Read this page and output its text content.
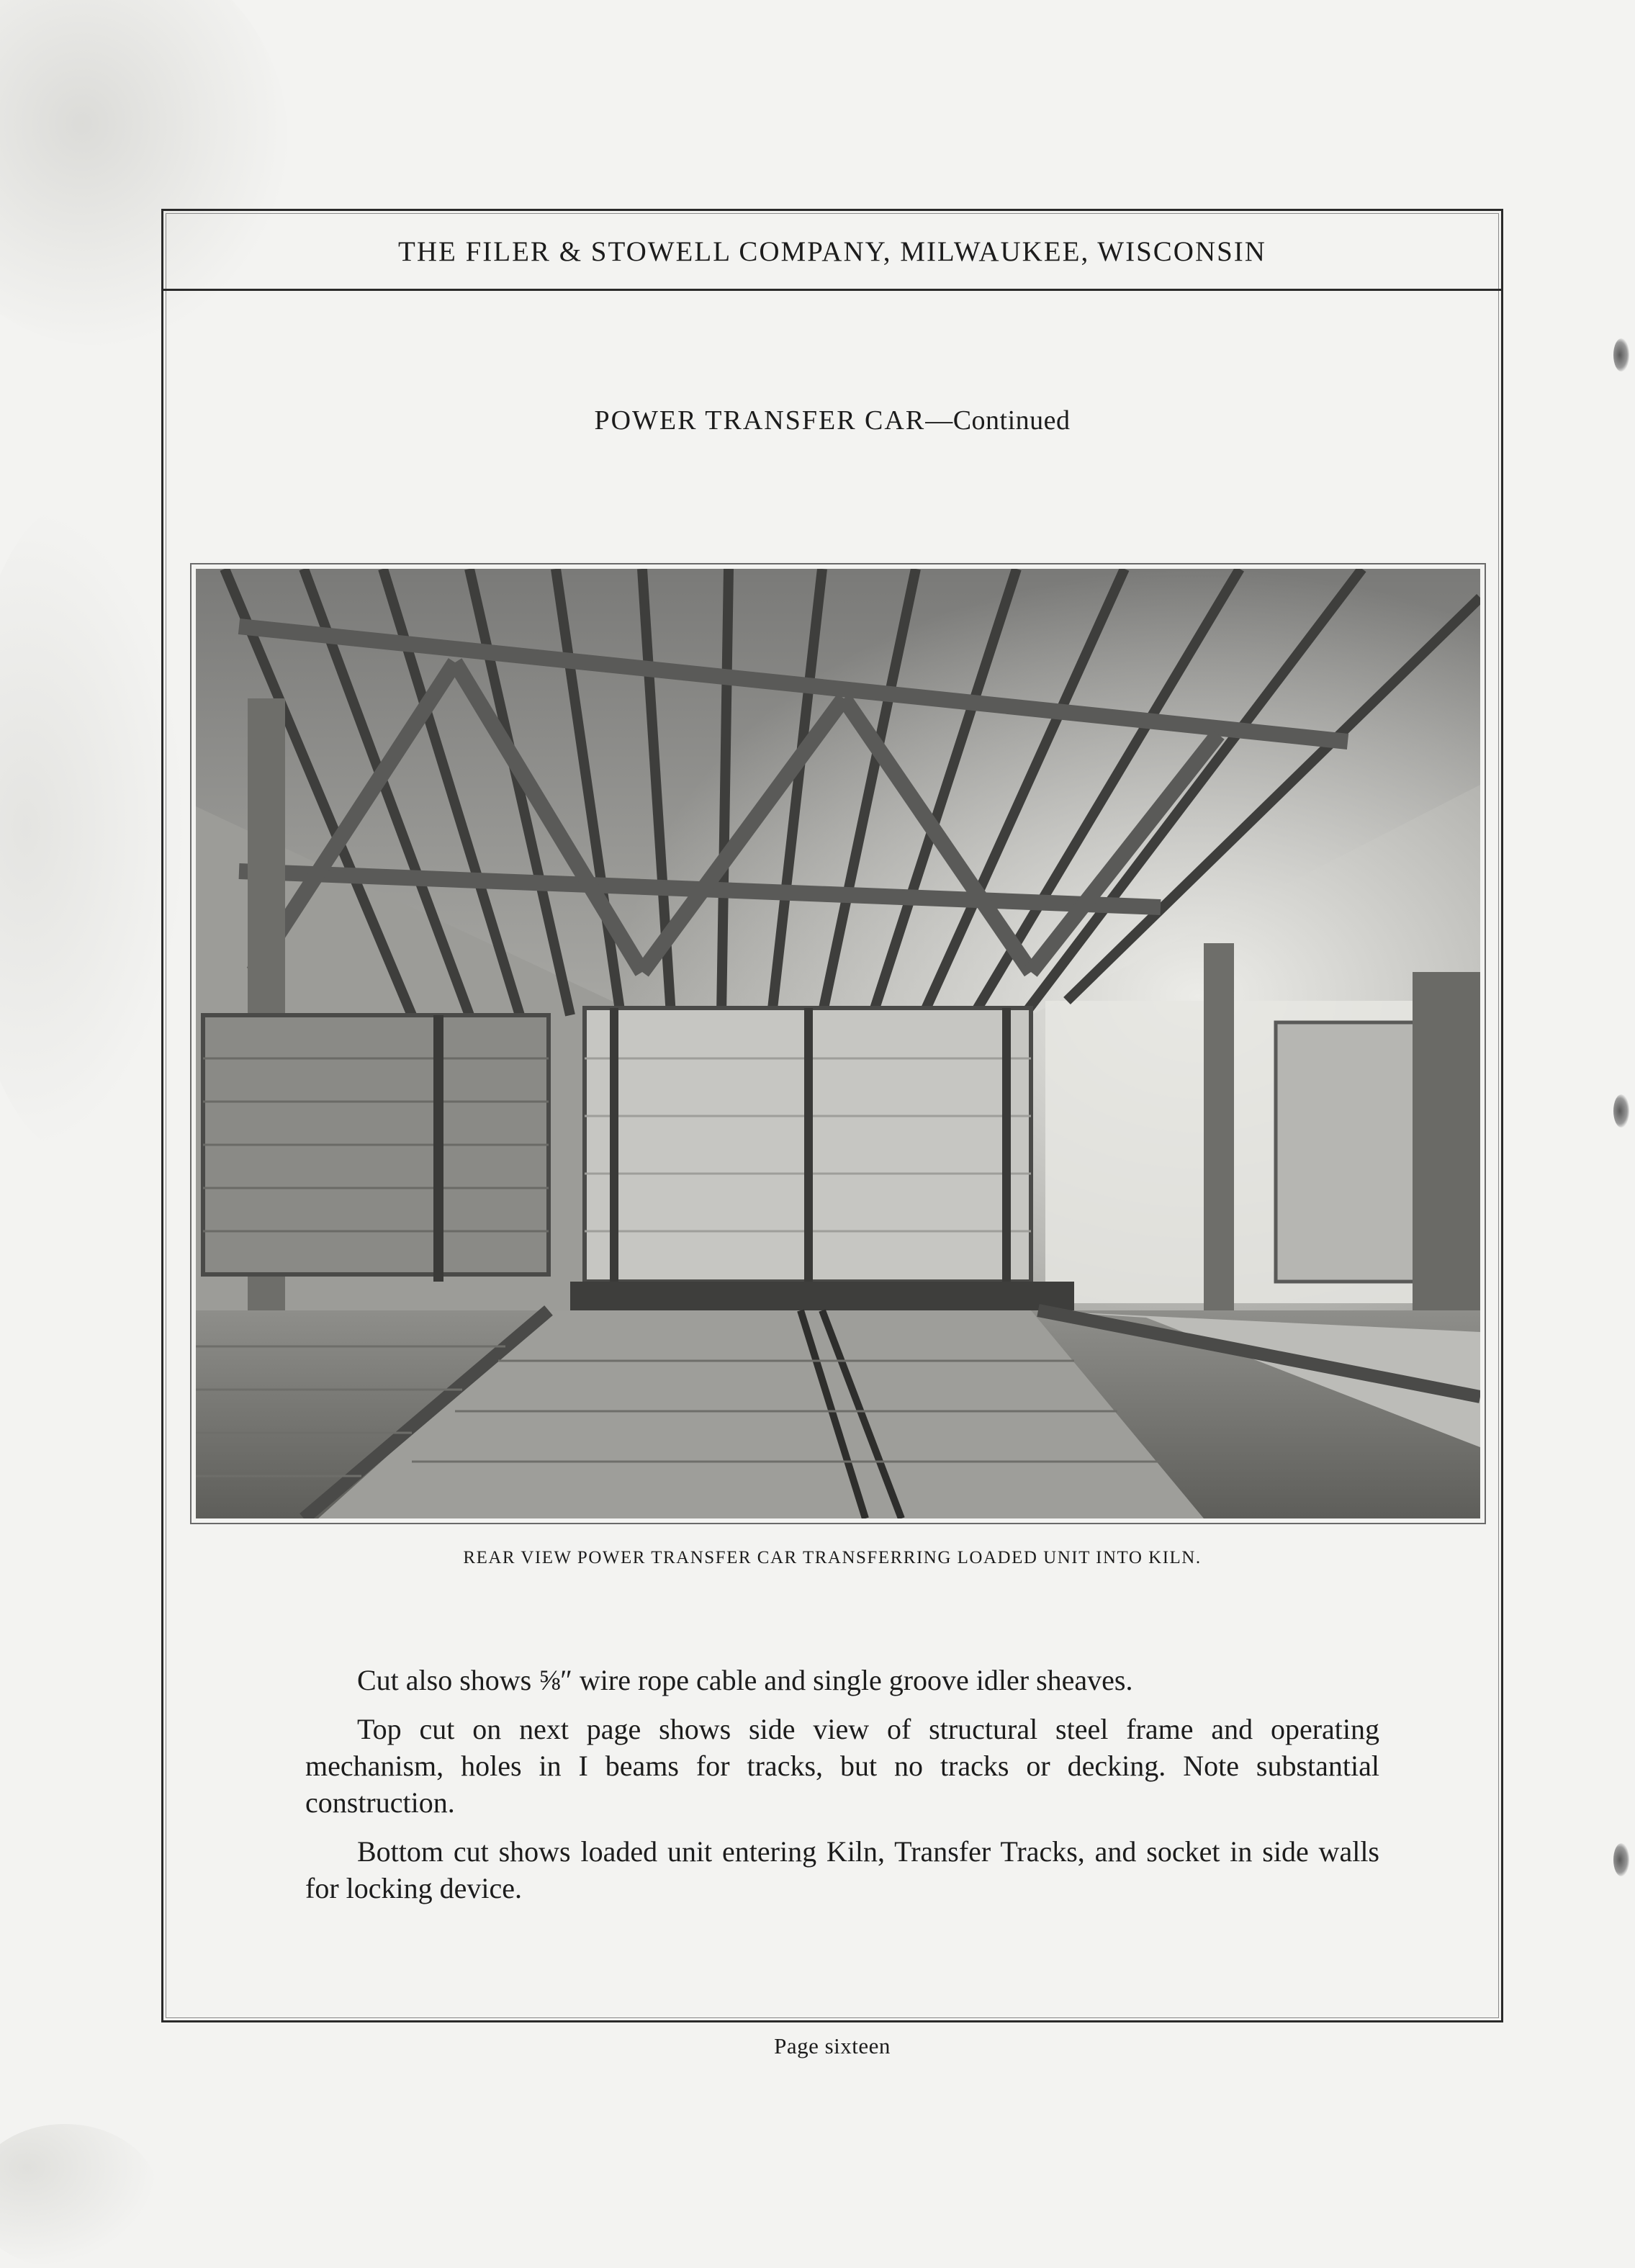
THE FILER & STOWELL COMPANY, MILWAUKEE, WISCONSIN
POWER TRANSFER CAR—Continued
REAR VIEW POWER TRANSFER CAR TRANSFERRING LOADED UNIT INTO KILN.

Cut also shows ⅝″ wire rope cable and single groove idler sheaves.

Top cut on next page shows side view of structural steel frame and operating mechanism, holes in I beams for tracks, but no tracks or decking. Note substantial construction.

Bottom cut shows loaded unit entering Kiln, Transfer Tracks, and socket in side walls for locking device.

Page sixteen
